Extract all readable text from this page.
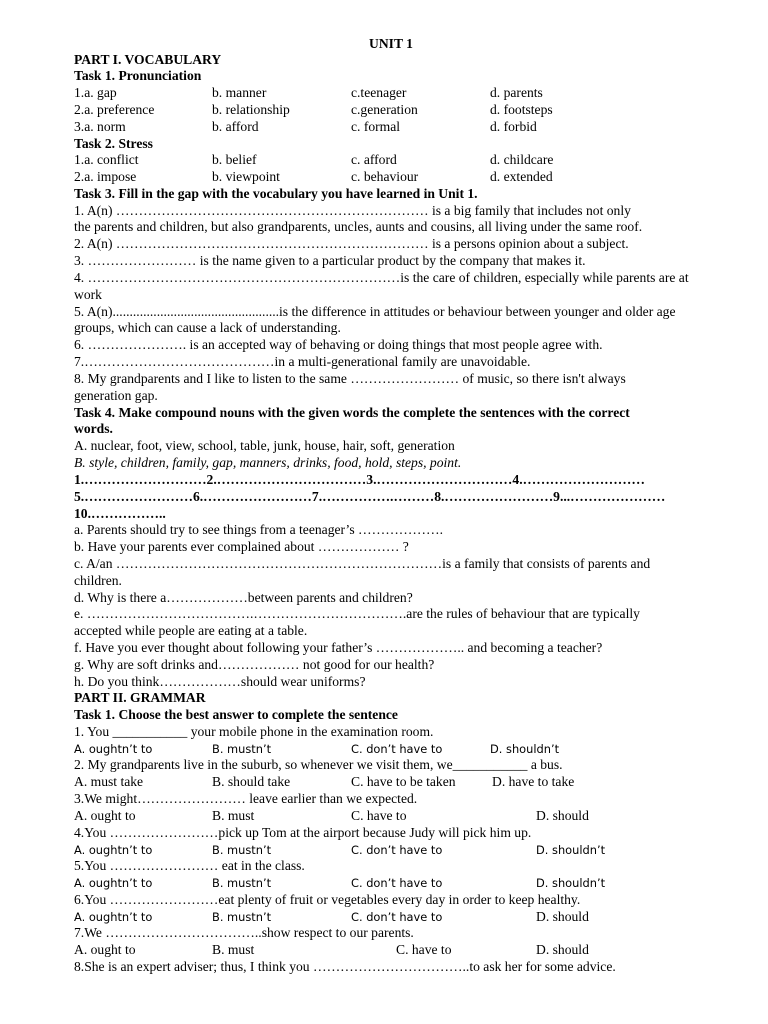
UNIT 1
PART I. VOCABULARY
Task 1. Pronunciation
1.a. gap	b. manner	c.teenager	d. parents
2.a. preference	b. relationship	c.generation	d. footsteps
3.a. norm	b. afford	c. formal	d. forbid
Task 2. Stress
1.a. conflict	b. belief	c. afford	d. childcare
2.a. impose	b. viewpoint	c. behaviour	d. extended
Task 3. Fill in the gap with the vocabulary you have learned in Unit 1.
1. A(n) …………………………………………………………… is a big family that includes not only
the parents and children, but also grandparents, uncles, aunts and cousins, all living under the same roof.
2. A(n) …………………………………………………………… is a persons opinion about a subject.
3. …………………… is the name given to a particular product by the company that makes it.
4. ……………………………………………………………is the care of children, especially while parents are at
work
5. A(n).................................................is the difference in attitudes or behaviour between younger and older age
groups, which can cause a lack of understanding.
6. …………………. is an accepted way of behaving or doing things that most people agree with.
7.……………………………………in a multi-generational family are unavoidable.
8. My grandparents and I like to listen to the same …………………… of music, so there isn't always
generation gap.
Task 4. Make compound nouns with the given words the complete the sentences with the correct
words.
A. nuclear, foot, view, school, table, junk, house, hair, soft, generation
B. style, children, family, gap, manners, drinks, food, hold, steps, point.
1.………………………2.……………………………3.…………………………4.………………………
5.……………………6.……………………7.…………….………8.……………………9...…………………
10.……………..
a. Parents should try to see things from a teenager’s ……………….
b. Have your parents ever complained about ……………… ?
c. A/an ………………………………………………………………is a family that consists of parents and
children.
d. Why is there a………………between parents and children?
e. ……………………………….…………………………….are the rules of behaviour that are typically
accepted while people are eating at a table.
f. Have you ever thought about following your father’s ……………….. and becoming a teacher?
g. Why are soft drinks and……………… not good for our health?
h. Do you think………………should wear uniforms?
PART II. GRAMMAR
Task 1. Choose the best answer to complete the sentence
1. You ___________ your mobile phone in the examination room.
A. oughtn’t to	B. mustn’t	C. don’t have to	D. shouldn’t
2. My grandparents live in the suburb, so whenever we visit them, we___________ a bus.
A. must take	B. should take	C. have to be taken	D. have to take
3.We might…………………… leave earlier than we expected.
A. ought to	B. must	C. have to	D. should
4.You ……………………pick up Tom at the airport because Judy will pick him up.
A. oughtn’t to	B. mustn’t	C. don’t have to	D. shouldn’t
5.You …………………… eat in the class.
A. oughtn’t to	B. mustn’t	C. don’t have to	D. shouldn’t
6.You ……………………eat plenty of fruit or vegetables every day in order to keep healthy.
A. oughtn’t to	B. mustn’t	C. don’t have to	D. should
7.We ……………………………..show respect to our parents.
A. ought to	B. must	C. have to	D. should
8.She is an expert adviser; thus, I think you ……………………………..to ask her for some advice.
